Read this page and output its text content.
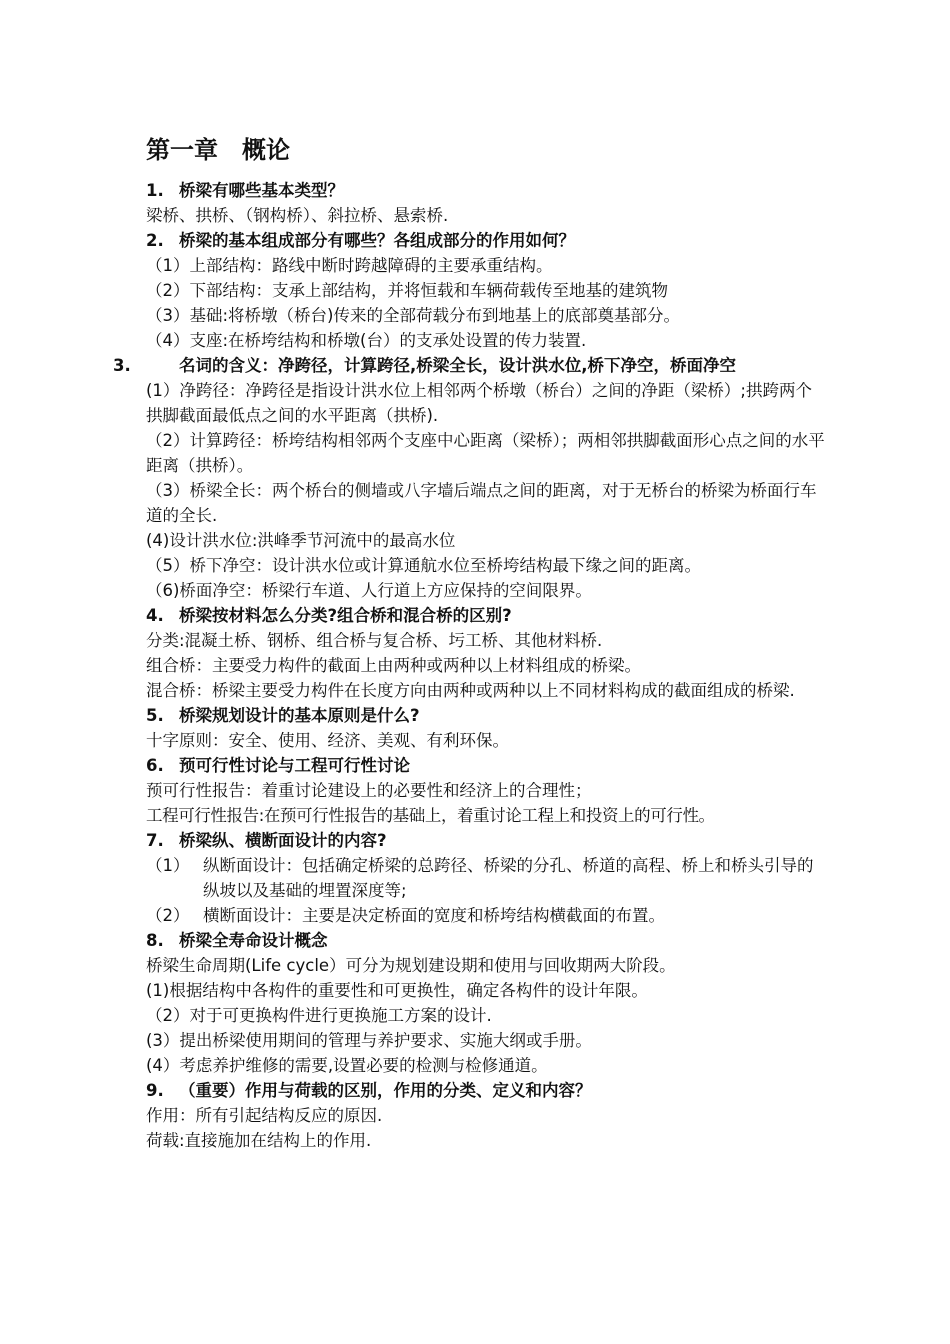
第一章　概论
1. 桥梁有哪些基本类型？
梁桥、拱桥、（钢构桥）、斜拉桥、悬索桥.
2. 桥梁的基本组成部分有哪些？各组成部分的作用如何？
（1）上部结构：路线中断时跨越障碍的主要承重结构。
（2）下部结构：支承上部结构，并将恒载和车辆荷载传至地基的建筑物
（3）基础:将桥墩（桥台)传来的全部荷载分布到地基上的底部奠基部分。
（4）支座:在桥垮结构和桥墩(台）的支承处设置的传力装置.
3.	名词的含义：净跨径，计算跨径,桥梁全长，设计洪水位,桥下净空，桥面净空
(1）净跨径：净跨径是指设计洪水位上相邻两个桥墩（桥台）之间的净距（梁桥）;拱跨两个拱脚截面最低点之间的水平距离（拱桥).
（2）计算跨径：桥垮结构相邻两个支座中心距离（梁桥）；两相邻拱脚截面形心点之间的水平距离（拱桥）。
（3）桥梁全长：两个桥台的侧墙或八字墙后端点之间的距离，对于无桥台的桥梁为桥面行车道的全长.
(4)设计洪水位:洪峰季节河流中的最高水位
（5）桥下净空：设计洪水位或计算通航水位至桥垮结构最下缘之间的距离。
（6)桥面净空：桥梁行车道、人行道上方应保持的空间限界。
4. 桥梁按材料怎么分类?组合桥和混合桥的区别?
分类:混凝土桥、钢桥、组合桥与复合桥、圬工桥、其他材料桥.
组合桥：主要受力构件的截面上由两种或两种以上材料组成的桥梁。
混合桥：桥梁主要受力构件在长度方向由两种或两种以上不同材料构成的截面组成的桥梁.
5. 桥梁规划设计的基本原则是什么?
十字原则：安全、使用、经济、美观、有利环保。
6. 预可行性讨论与工程可行性讨论
预可行性报告：着重讨论建设上的必要性和经济上的合理性；
工程可行性报告:在预可行性报告的基础上，着重讨论工程上和投资上的可行性。
7. 桥梁纵、横断面设计的内容?
（1） 纵断面设计：包括确定桥梁的总跨径、桥梁的分孔、桥道的高程、桥上和桥头引导的纵坡以及基础的埋置深度等;
（2） 横断面设计：主要是决定桥面的宽度和桥垮结构横截面的布置。
8. 桥梁全寿命设计概念
桥梁生命周期(Life cycle）可分为规划建设期和使用与回收期两大阶段。
(1)根据结构中各构件的重要性和可更换性，确定各构件的设计年限。
（2）对于可更换构件进行更换施工方案的设计.
(3）提出桥梁使用期间的管理与养护要求、实施大纲或手册。
(4）考虑养护维修的需要,设置必要的检测与检修通道。
9. （重要）作用与荷载的区别，作用的分类、定义和内容？
作用：所有引起结构反应的原因.
荷载:直接施加在结构上的作用.
